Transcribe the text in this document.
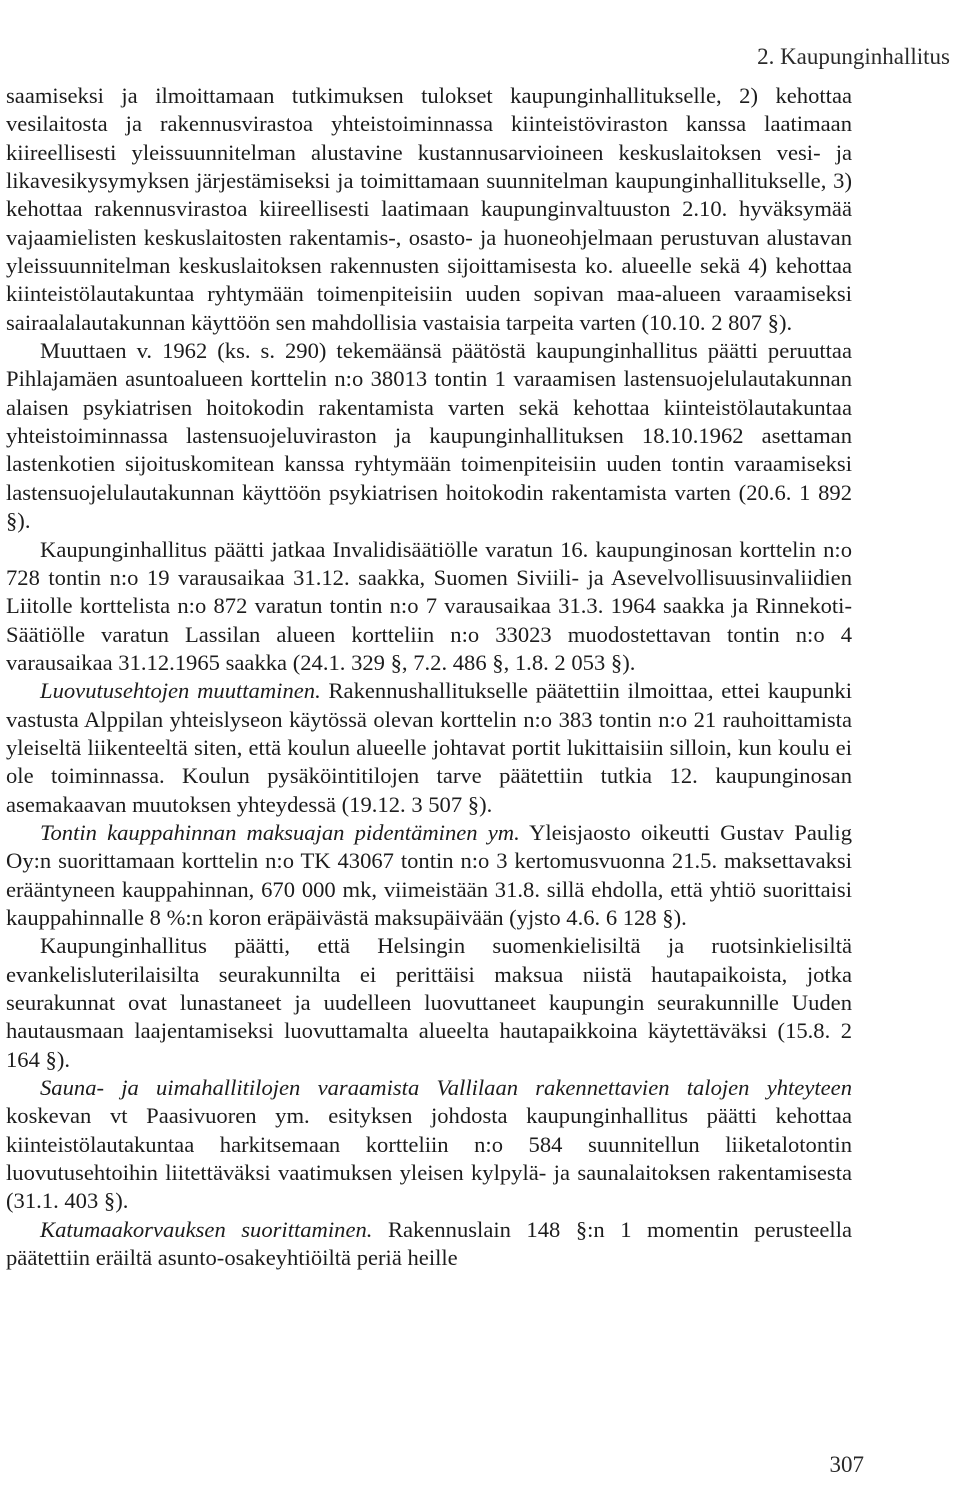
2. Kaupunginhallitus

saamiseksi ja ilmoittamaan tutkimuksen tulokset kaupunginhallitukselle, 2) kehottaa vesilaitosta ja rakennusvirastoa yhteistoiminnassa kiinteistöviraston kanssa laatimaan kiireellisesti yleissuunnitelman alustavine kustannusarvioineen keskuslaitoksen vesi- ja likavesikysymyksen järjestämiseksi ja toimittamaan suunnitelman kaupunginhallitukselle, 3) kehottaa rakennusvirastoa kiireellisesti laatimaan kaupunginvaltuuston 2.10. hyväksymää vajaamielisten keskuslaitosten rakentamis-, osasto- ja huoneohjelmaan perustuvan alustavan yleissuunnitelman keskuslaitoksen rakennusten sijoittamisesta ko. alueelle sekä 4) kehottaa kiinteistölautakuntaa ryhtymään toimenpiteisiin uuden sopivan maa-alueen varaamiseksi sairaalalautakunnan käyttöön sen mahdollisia vastaisia tarpeita varten (10.10. 2 807 §).

Muuttaen v. 1962 (ks. s. 290) tekemäänsä päätöstä kaupunginhallitus päätti peruuttaa Pihlajamäen asuntoalueen korttelin n:o 38013 tontin 1 varaamisen lastensuojelulautakunnan alaisen psykiatrisen hoitokodin rakentamista varten sekä kehottaa kiinteistölautakuntaa yhteistoiminnassa lastensuojeluviraston ja kaupunginhallituksen 18.10.1962 asettaman lastenkotien sijoituskomitean kanssa ryhtymään toimenpiteisiin uuden tontin varaamiseksi lastensuojelulautakunnan käyttöön psykiatrisen hoitokodin rakentamista varten (20.6. 1 892 §).

Kaupunginhallitus päätti jatkaa Invalidisäätiölle varatun 16. kaupunginosan korttelin n:o 728 tontin n:o 19 varausaikaa 31.12. saakka, Suomen Siviili- ja Asevelvollisuusinvaliidien Liitolle korttelista n:o 872 varatun tontin n:o 7 varausaikaa 31.3. 1964 saakka ja Rinnekoti-Säätiölle varatun Lassilan alueen kortteliin n:o 33023 muodostettavan tontin n:o 4 varausaikaa 31.12.1965 saakka (24.1. 329 §, 7.2. 486 §, 1.8. 2 053 §).

Luovutusehtojen muuttaminen. Rakennushallitukselle päätettiin ilmoittaa, ettei kaupunki vastusta Alppilan yhteislyseon käytössä olevan korttelin n:o 383 tontin n:o 21 rauhoittamista yleiseltä liikenteeltä siten, että koulun alueelle johtavat portit lukittaisiin silloin, kun koulu ei ole toiminnassa. Koulun pysäköintitilojen tarve päätettiin tutkia 12. kaupunginosan asemakaavan muutoksen yhteydessä (19.12. 3 507 §).

Tontin kauppahinnan maksuajan pidentäminen ym. Yleisjaosto oikeutti Gustav Paulig Oy:n suorittamaan korttelin n:o TK 43067 tontin n:o 3 kertomusvuonna 21.5. maksettavaksi erääntyneen kauppahinnan, 670 000 mk, viimeistään 31.8. sillä ehdolla, että yhtiö suorittaisi kauppahinnalle 8 %:n koron eräpäivästä maksupäivään (yjsto 4.6. 6 128 §).

Kaupunginhallitus päätti, että Helsingin suomenkielisiltä ja ruotsinkielisiltä evankelisluterilaisilta seurakunnilta ei perittäisi maksua niistä hautapaikoista, jotka seurakunnat ovat lunastaneet ja uudelleen luovuttaneet kaupungin seurakunnille Uuden hautausmaan laajentamiseksi luovuttamalta alueelta hautapaikkoina käytettäväksi (15.8. 2 164 §).

Sauna- ja uimahallitilojen varaamista Vallilaan rakennettavien talojen yhteyteen koskevan vt Paasivuoren ym. esityksen johdosta kaupunginhallitus päätti kehottaa kiinteistölautakuntaa harkitsemaan kortteliin n:o 584 suunnitellun liiketalotontin luovutusehtoihin liitettäväksi vaatimuksen yleisen kylpylä- ja saunalaitoksen rakentamisesta (31.1. 403 §).

Katumaakorvauksen suorittaminen. Rakennuslain 148 §:n 1 momentin perusteella päätettiin eräiltä asunto-osakeyhtiöiltä periä heille

307
